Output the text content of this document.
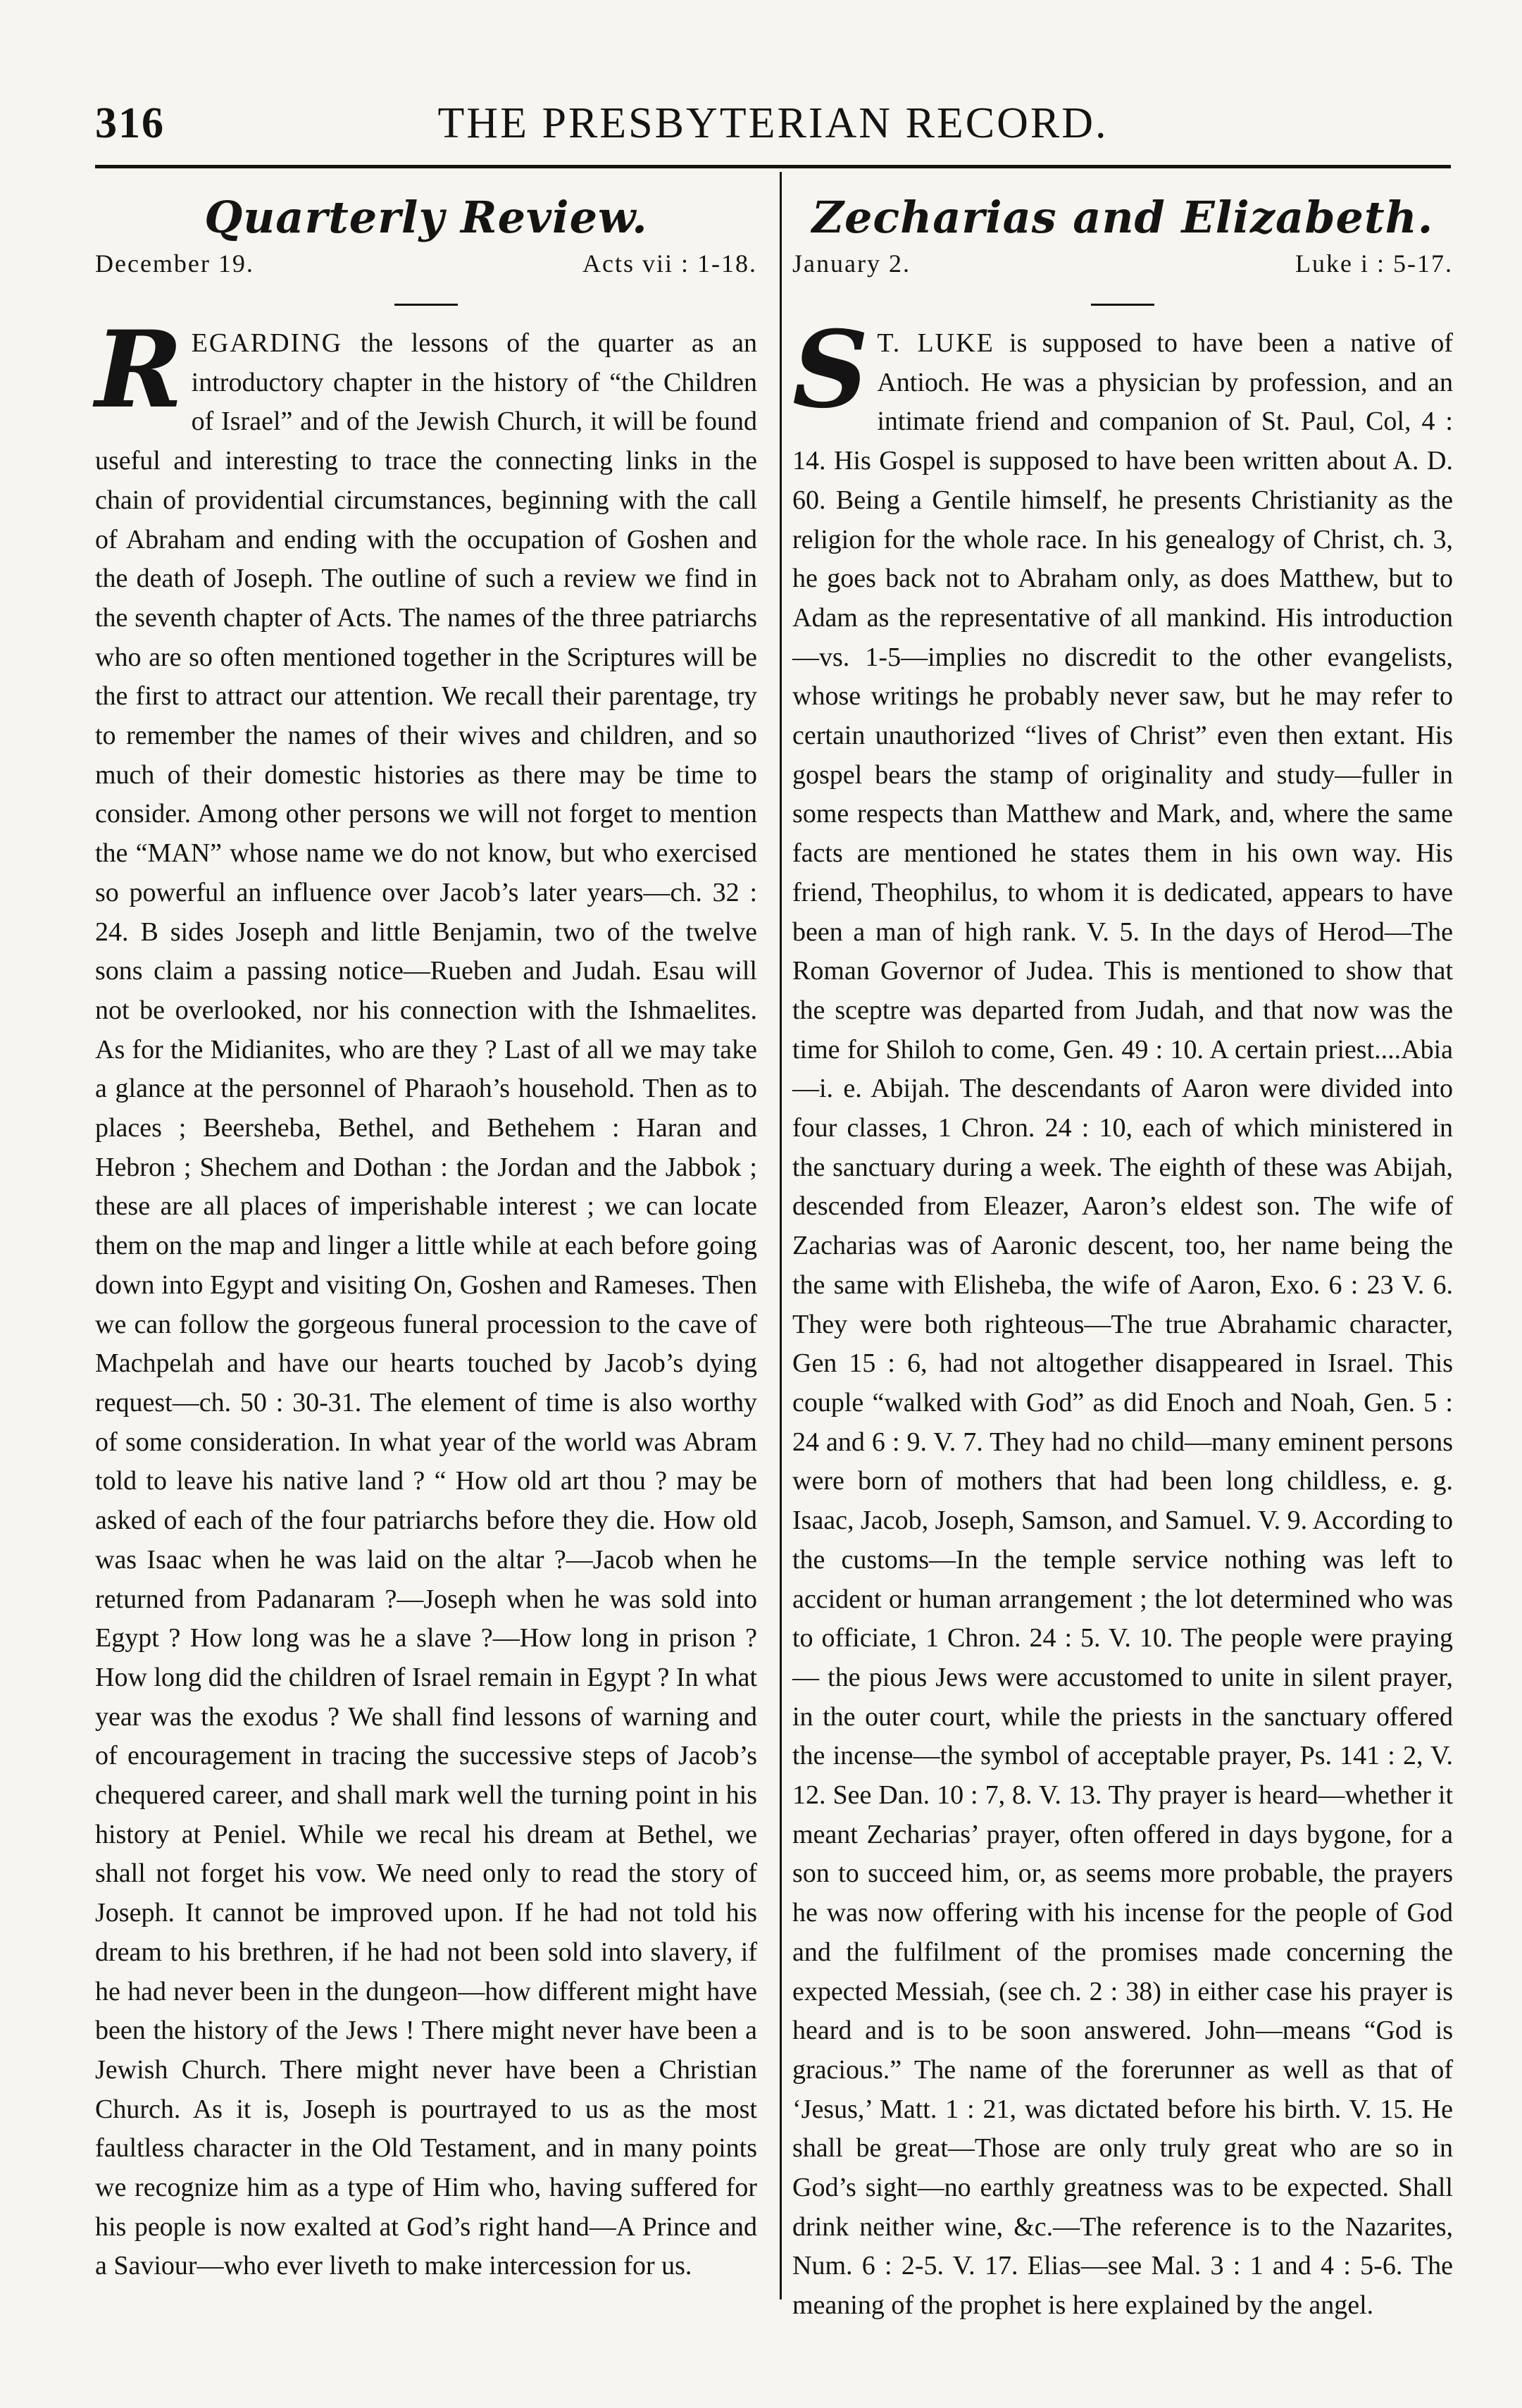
316	THE PRESBYTERIAN RECORD.
Quarterly Review.
December 19.	Acts vii : 1-18.
REGARDING the lessons of the quarter as an introductory chapter in the history of “the Children of Israel” and of the Jewish Church, it will be found useful and interesting to trace the connecting links in the chain of providential circumstances, beginning with the call of Abraham and ending with the occupation of Goshen and the death of Joseph. The outline of such a review we find in the seventh chapter of Acts. The names of the three patriarchs who are so often mentioned together in the Scriptures will be the first to attract our attention. We recall their parentage, try to remember the names of their wives and children, and so much of their domestic histories as there may be time to consider. Among other persons we will not forget to mention the “MAN” whose name we do not know, but who exercised so powerful an influence over Jacob’s later years—ch. 32 : 24. B sides Joseph and little Benjamin, two of the twelve sons claim a passing notice—Rueben and Judah. Esau will not be overlooked, nor his connection with the Ishmaelites. As for the Midianites, who are they ? Last of all we may take a glance at the personnel of Pharaoh’s household. Then as to places ; Beersheba, Bethel, and Bethehem : Haran and Hebron ; Shechem and Dothan : the Jordan and the Jabbok ; these are all places of imperishable interest ; we can locate them on the map and linger a little while at each before going down into Egypt and visiting On, Goshen and Rameses. Then we can follow the gorgeous funeral procession to the cave of Machpelah and have our hearts touched by Jacob’s dying request—ch. 50 : 30-31. The element of time is also worthy of some consideration. In what year of the world was Abram told to leave his native land ? “ How old art thou ? may be asked of each of the four patriarchs before they die. How old was Isaac when he was laid on the altar ?—Jacob when he returned from Padanaram ?—Joseph when he was sold into Egypt ? How long was he a slave ?—How long in prison ? How long did the children of Israel remain in Egypt ? In what year was the exodus ? We shall find lessons of warning and of encouragement in tracing the successive steps of Jacob’s chequered career, and shall mark well the turning point in his history at Peniel. While we recal his dream at Bethel, we shall not forget his vow. We need only to read the story of Joseph. It cannot be improved upon. If he had not told his dream to his brethren, if he had not been sold into slavery, if he had never been in the dungeon—how different might have been the history of the Jews ! There might never have been a Jewish Church. There might never have been a Christian Church. As it is, Joseph is pourtrayed to us as the most faultless character in the Old Testament, and in many points we recognize him as a type of Him who, having suffered for his people is now exalted at God’s right hand—A Prince and a Saviour—who ever liveth to make intercession for us.
Zecharias and Elizabeth.
January 2.	Luke i : 5-17.
S T. LUKE is supposed to have been a native of Antioch. He was a physician by profession, and an intimate friend and companion of St. Paul, Col, 4 : 14. His Gospel is supposed to have been written about A. D. 60. Being a Gentile himself, he presents Christianity as the religion for the whole race. In his genealogy of Christ, ch. 3, he goes back not to Abraham only, as does Matthew, but to Adam as the representative of all mankind. His introduction—vs. 1-5—implies no discredit to the other evangelists, whose writings he probably never saw, but he may refer to certain unauthorized “lives of Christ” even then extant. His gospel bears the stamp of originality and study—fuller in some respects than Matthew and Mark, and, where the same facts are mentioned he states them in his own way. His friend, Theophilus, to whom it is dedicated, appears to have been a man of high rank. V. 5. In the days of Herod—The Roman Governor of Judea. This is mentioned to show that the sceptre was departed from Judah, and that now was the time for Shiloh to come, Gen. 49 : 10. A certain priest....Abia—i. e. Abijah. The descendants of Aaron were divided into four classes, 1 Chron. 24 : 10, each of which ministered in the sanctuary during a week. The eighth of these was Abijah, descended from Eleazer, Aaron’s eldest son. The wife of Zacharias was of Aaronic descent, too, her name being the the same with Elisheba, the wife of Aaron, Exo. 6 : 23 V. 6. They were both righteous—The true Abrahamic character, Gen 15 : 6, had not altogether disappeared in Israel. This couple “walked with God” as did Enoch and Noah, Gen. 5 : 24 and 6 : 9. V. 7. They had no child—many eminent persons were born of mothers that had been long childless, e. g. Isaac, Jacob, Joseph, Samson, and Samuel. V. 9. According to the customs—In the temple service nothing was left to accident or human arrangement ; the lot determined who was to officiate, 1 Chron. 24 : 5. V. 10. The people were praying — the pious Jews were accustomed to unite in silent prayer, in the outer court, while the priests in the sanctuary offered the incense—the symbol of acceptable prayer, Ps. 141 : 2, V. 12. See Dan. 10 : 7, 8. V. 13. Thy prayer is heard—whether it meant Zecharias’ prayer, often offered in days bygone, for a son to succeed him, or, as seems more probable, the prayers he was now offering with his incense for the people of God and the fulfilment of the promises made concerning the expected Messiah, (see ch. 2 : 38) in either case his prayer is heard and is to be soon answered. John—means “God is gracious.” The name of the forerunner as well as that of ‘Jesus,’ Matt. 1 : 21, was dictated before his birth. V. 15. He shall be great—Those are only truly great who are so in God’s sight—no earthly greatness was to be expected. Shall drink neither wine, &c.—The reference is to the Nazarites, Num. 6 : 2-5. V. 17. Elias—see Mal. 3 : 1 and 4 : 5-6. The meaning of the prophet is here explained by the angel.
